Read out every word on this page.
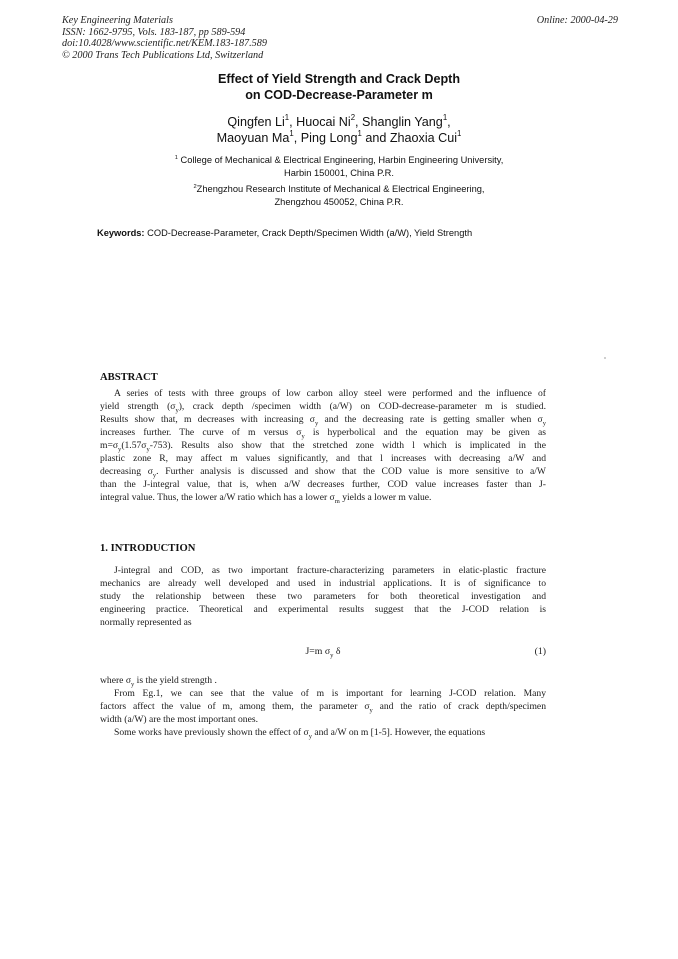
Key Engineering Materials
ISSN: 1662-9795, Vols. 183-187, pp 589-594
doi:10.4028/www.scientific.net/KEM.183-187.589
© 2000 Trans Tech Publications Ltd, Switzerland
Online: 2000-04-29
Effect of Yield Strength and Crack Depth
on COD-Decrease-Parameter m
Qingfen Li$^1$, Huocai Ni$^2$, Shanglin Yang$^1$,
Maoyuan Ma$^1$, Ping Long$^1$ and Zhaoxia Cui$^1$
$^1$ College of Mechanical & Electrical Engineering, Harbin Engineering University,
Harbin 150001, China P.R.
$^2$Zhengzhou Research Institute of Mechanical & Electrical Engineering,
Zhengzhou 450052, China P.R.
Keywords: COD-Decrease-Parameter, Crack Depth/Specimen Width (a/W), Yield Strength
ABSTRACT
A series of tests with three groups of low carbon alloy steel were performed and the influence of
yield strength $(\sigma_y)$, crack depth /specimen width (a/W) on COD-decrease-parameter m is studied.
Results show that, m decreases with increasing $\sigma_y$ and the decreasing rate is getting smaller when $\sigma_y$
increases further. The curve of m versus $\sigma_y$ is hyperbolical and the equation may be given as
$m=\sigma_y(1.57\sigma_y-753)$. Results also show that the stretched zone width l which is implicated in the
plastic zone R, may affect m values significantly, and that l increases with decreasing a/W and
decreasing $\sigma_y$. Further analysis is discussed and show that the COD value is more sensitive to a/W
than the J-integral value, that is, when a/W decreases further, COD value increases faster than J-
integral value. Thus, the lower a/W ratio which has a lower $\sigma_m$ yields a lower m value.
1. INTRODUCTION
J-integral and COD, as two important fracture-characterizing parameters in elatic-plastic fracture
mechanics are already well developed and used in industrial applications. It is of significance to
study the relationship between these two parameters for both theoretical investigation and
engineering practice. Theoretical and experimental results suggest that the J-COD relation is
normally represented as
J=m $\sigma_y$ δ	(1)
where $\sigma_y$ is the yield strength .
From Eg.1, we can see that the value of m is important for learning J-COD relation. Many
factors affect the value of m, among them, the parameter $\sigma_y$ and the ratio of crack depth/specimen
width (a/W) are the most important ones.
Some works have previously shown the effect of $\sigma_y$ and a/W on m [1-5]. However, the equations
